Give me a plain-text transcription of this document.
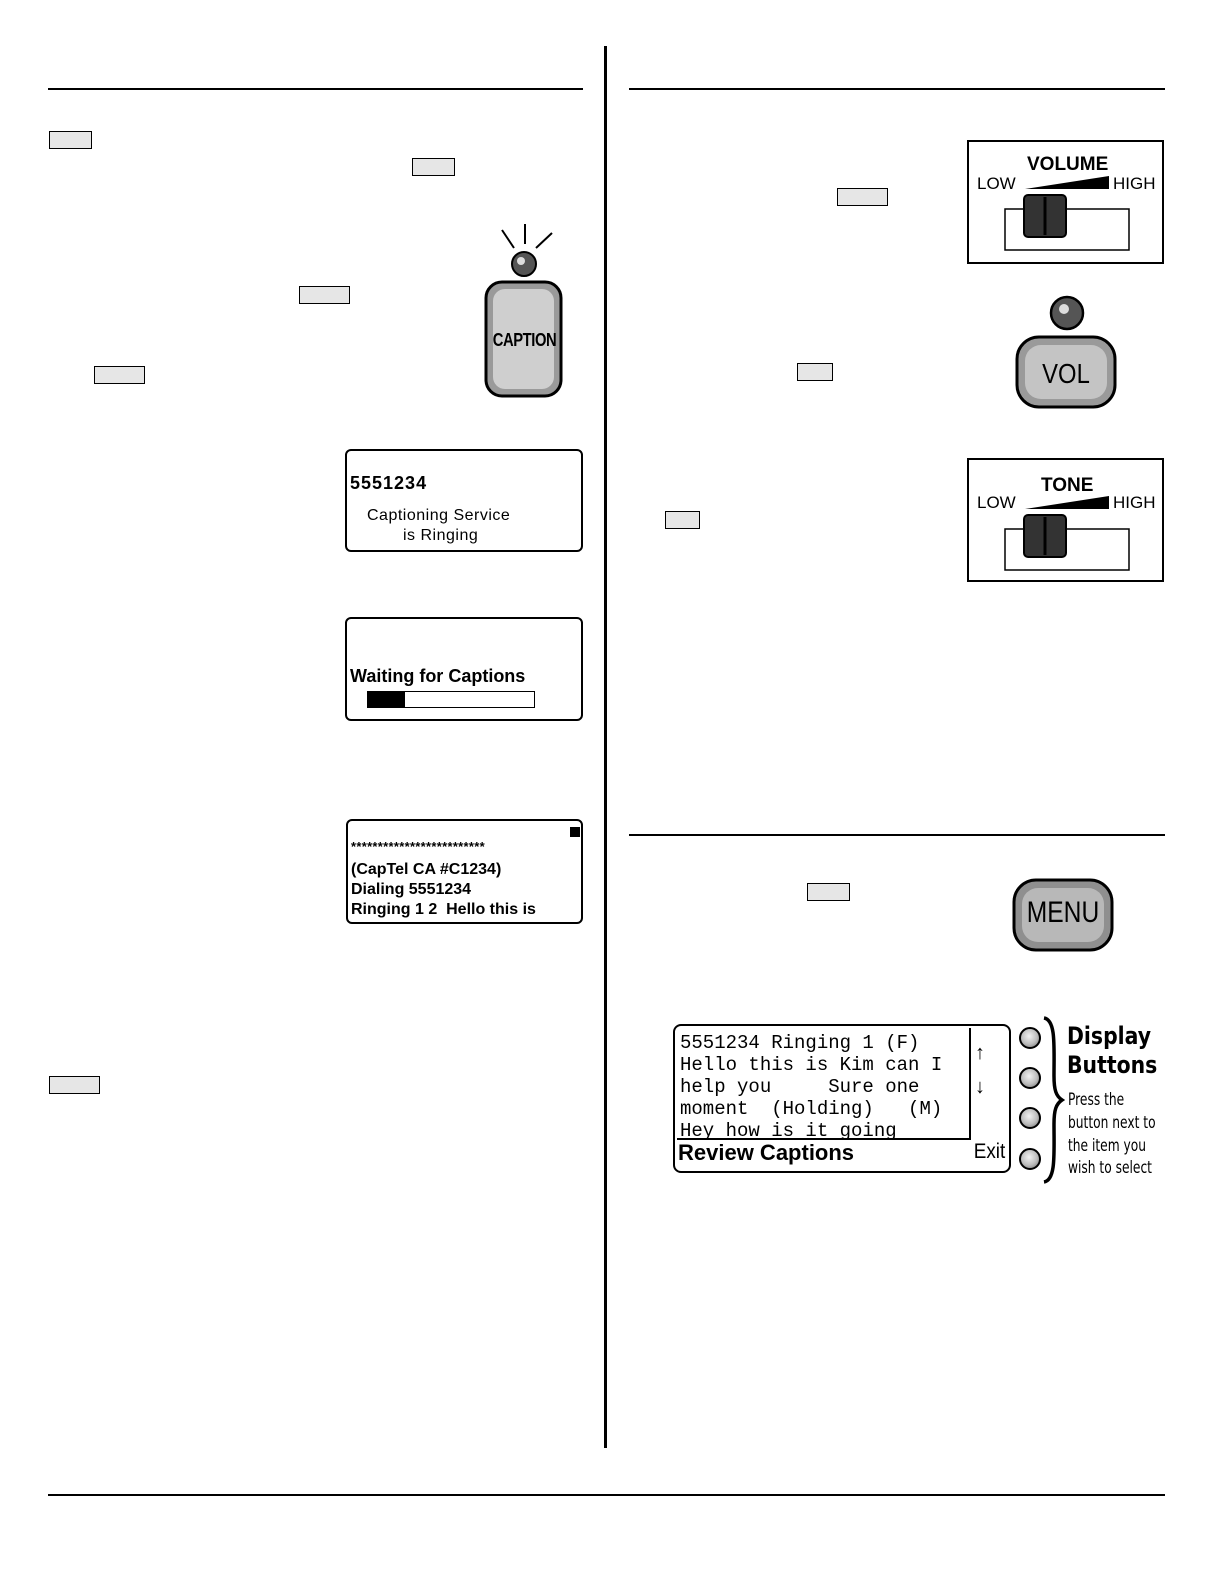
CAPTION
5551234
Captioning Service
is Ringing
Waiting for Captions
*************************
(CapTel CA #C1234)
Dialing 5551234
Ringing 1 2  Hello this is
VOLUME
LOW	HIGH
VOL
TONE
LOW	HIGH
MENU
5551234 Ringing 1 (F)
Hello this is Kim can I
help you     Sure one
moment  (Holding)   (M)
Hey how is it going
↑
↓
Review Captions	Exit
Display
Buttons
Press the
button next to
the item you
wish to select
